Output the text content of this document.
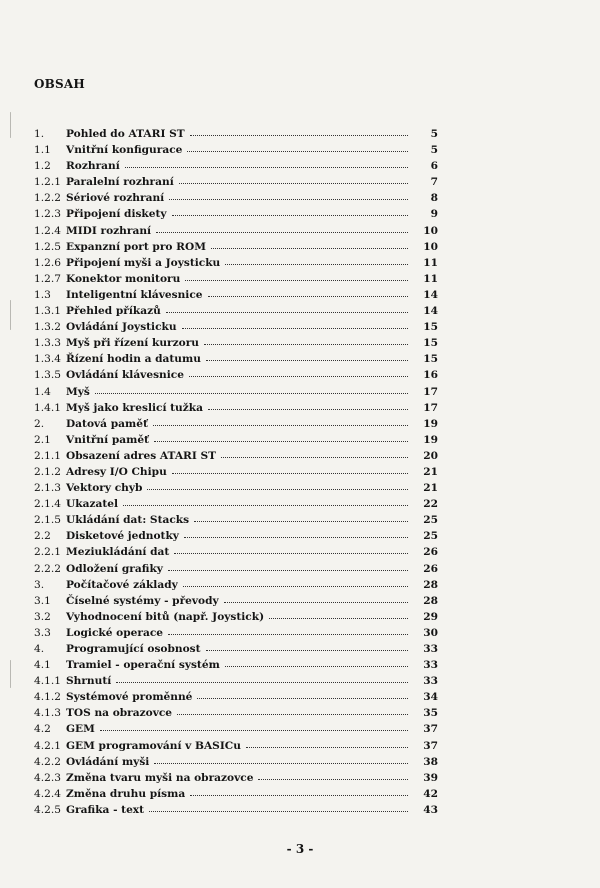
OBSAH
1.	Pohled do ATARI ST	5
1.1	Vnitřní konfigurace	5
1.2	Rozhraní	6
1.2.1 Paralelní rozhraní	7
1.2.2 Sériové rozhraní	8
1.2.3 Připojení diskety	9
1.2.4 MIDI rozhraní	10
1.2.5 Expanzní port pro ROM	10
1.2.6 Připojení myši a Joysticku	11
1.2.7 Konektor monitoru	11
1.3	Inteligentní klávesnice	14
1.3.1 Přehled příkazů	14
1.3.2 Ovládání Joysticku	15
1.3.3 Myš při řízení kurzoru	15
1.3.4 Řízení hodin a datumu	15
1.3.5 Ovládání klávesnice	16
1.4	Myš	17
1.4.1 Myš jako kreslicí tužka	17
2.	Datová paměť	19
2.1	Vnitřní paměť	19
2.1.1 Obsazení adres ATARI ST	20
2.1.2 Adresy I/O Chipu	21
2.1.3 Vektory chyb	21
2.1.4 Ukazatel	22
2.1.5 Ukládání dat: Stacks	25
2.2	Disketové jednotky	25
2.2.1 Meziukládání dat	26
2.2.2 Odložení grafiky	26
3.	Počítačové základy	28
3.1	Číselné systémy - převody	28
3.2	Vyhodnocení bitů (např. Joystick)	29
3.3	Logické operace	30
4.	Programující osobnost	33
4.1	Tramiel - operační systém	33
4.1.1 Shrnutí	33
4.1.2 Systémové proměnné	34
4.1.3 TOS na obrazovce	35
4.2	GEM	37
4.2.1 GEM programování v BASICu	37
4.2.2 Ovládání myši	38
4.2.3 Změna tvaru myši na obrazovce	39
4.2.4 Změna druhu písma	42
4.2.5 Grafika - text	43
- 3 -
